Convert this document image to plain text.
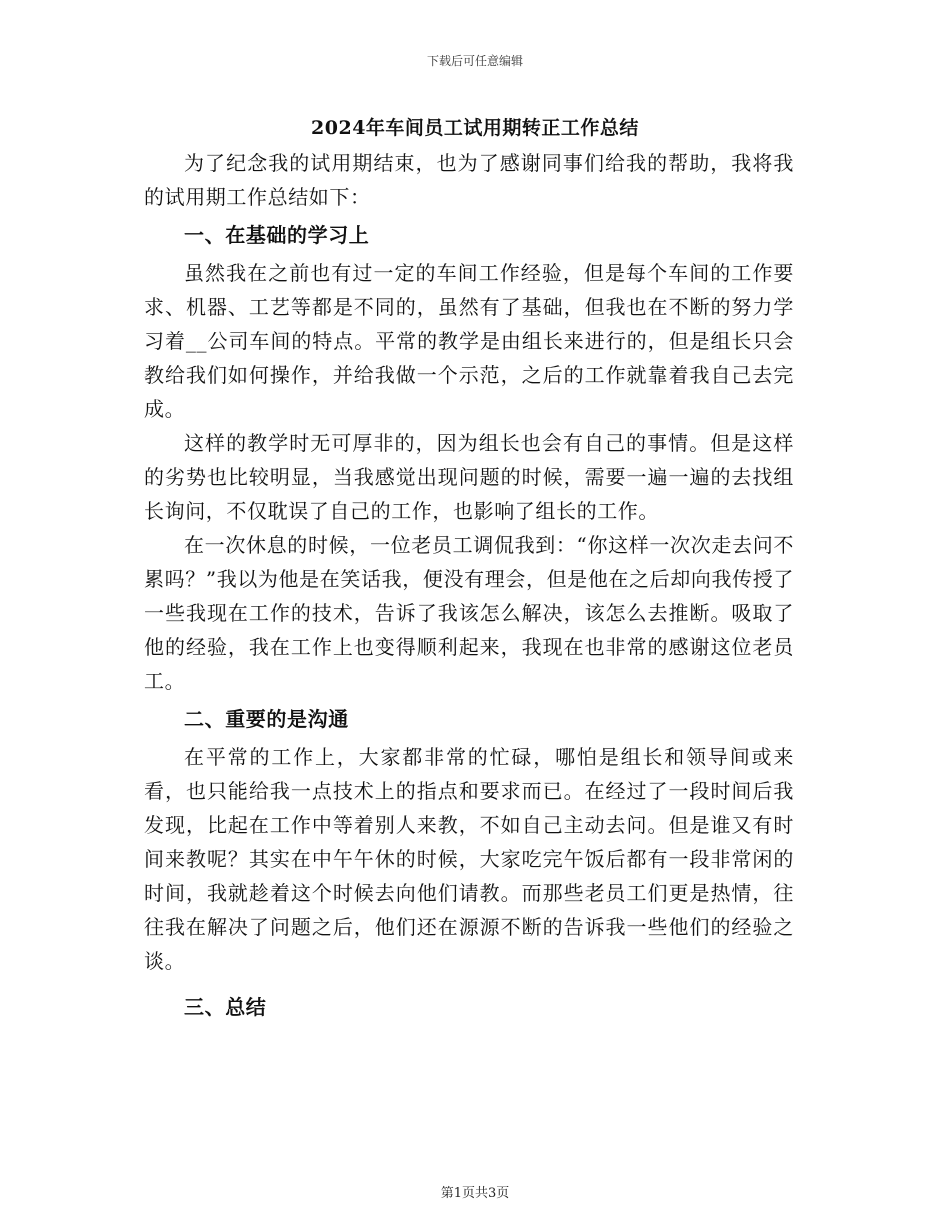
下载后可任意编辑
2024年车间员工试用期转正工作总结

为了纪念我的试用期结束，也为了感谢同事们给我的帮助，我将我的试用期工作总结如下：

一、在基础的学习上

虽然我在之前也有过一定的车间工作经验，但是每个车间的工作要求、机器、工艺等都是不同的，虽然有了基础，但我也在不断的努力学习着__公司车间的特点。平常的教学是由组长来进行的，但是组长只会教给我们如何操作，并给我做一个示范，之后的工作就靠着我自己去完成。

这样的教学时无可厚非的，因为组长也会有自己的事情。但是这样的劣势也比较明显，当我感觉出现问题的时候，需要一遍一遍的去找组长询问，不仅耽误了自己的工作，也影响了组长的工作。

在一次休息的时候，一位老员工调侃我到：“你这样一次次走去问不累吗？”我以为他是在笑话我，便没有理会，但是他在之后却向我传授了一些我现在工作的技术，告诉了我该怎么解决，该怎么去推断。吸取了他的经验，我在工作上也变得顺利起来，我现在也非常的感谢这位老员工。

二、重要的是沟通

在平常的工作上，大家都非常的忙碌，哪怕是组长和领导间或来看，也只能给我一点技术上的指点和要求而已。在经过了一段时间后我发现，比起在工作中等着别人来教，不如自己主动去问。但是谁又有时间来教呢？其实在中午午休的时候，大家吃完午饭后都有一段非常闲的时间，我就趁着这个时候去向他们请教。而那些老员工们更是热情，往往我在解决了问题之后，他们还在源源不断的告诉我一些他们的经验之谈。

三、总结
第1页共3页
